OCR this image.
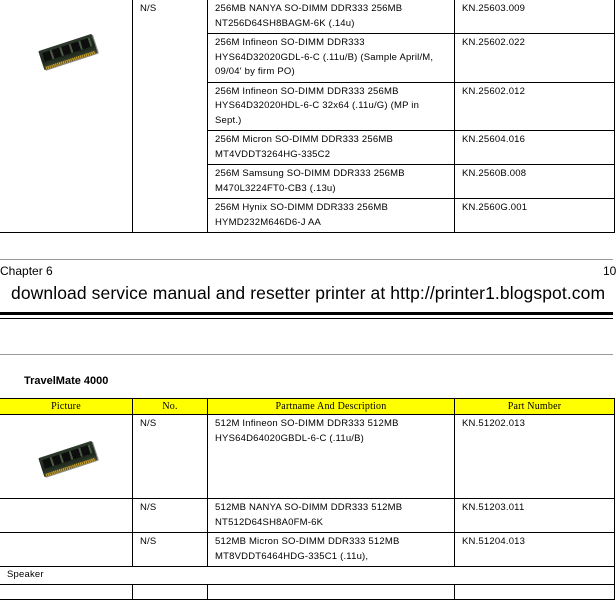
	N/S	256MB NANYA SO-DIMM DDR333 256MB NT256D64SH8BAGM-6K (.14u)	KN.25603.009
		256M Infineon SO-DIMM DDR333 HYS64D32020GDL-6-C (.11u/B) (Sample April/M, 09/04' by firm PO)	KN.25602.022
		256M Infineon SO-DIMM DDR333 256MB HYS64D32020HDL-6-C 32x64 (.11u/G) (MP in Sept.)	KN.25602.012
		256M Micron SO-DIMM DDR333 256MB MT4VDDT3264HG-335C2	KN.25604.016
		256M Samsung SO-DIMM DDR333 256MB M470L3224FT0-CB3 (.13u)	KN.2560B.008
		256M Hynix SO-DIMM DDR333 256MB HYMD232M646D6-J AA	KN.2560G.001
Chapter 6	10
download service manual and resetter printer at http://printer1.blogspot.com
TravelMate 4000
Picture	No.	Partname And Description	Part Number

	N/S	512M Infineon SO-DIMM DDR333 512MB HYS64D64020GBDL-6-C (.11u/B)	KN.51202.013
	N/S	512MB NANYA SO-DIMM DDR333 512MB NT512D64SH8A0FM-6K	KN.51203.011
	N/S	512MB Micron SO-DIMM DDR333 512MB MT8VDDT6464HDG-335C1 (.11u),	KN.51204.013
Speaker			
